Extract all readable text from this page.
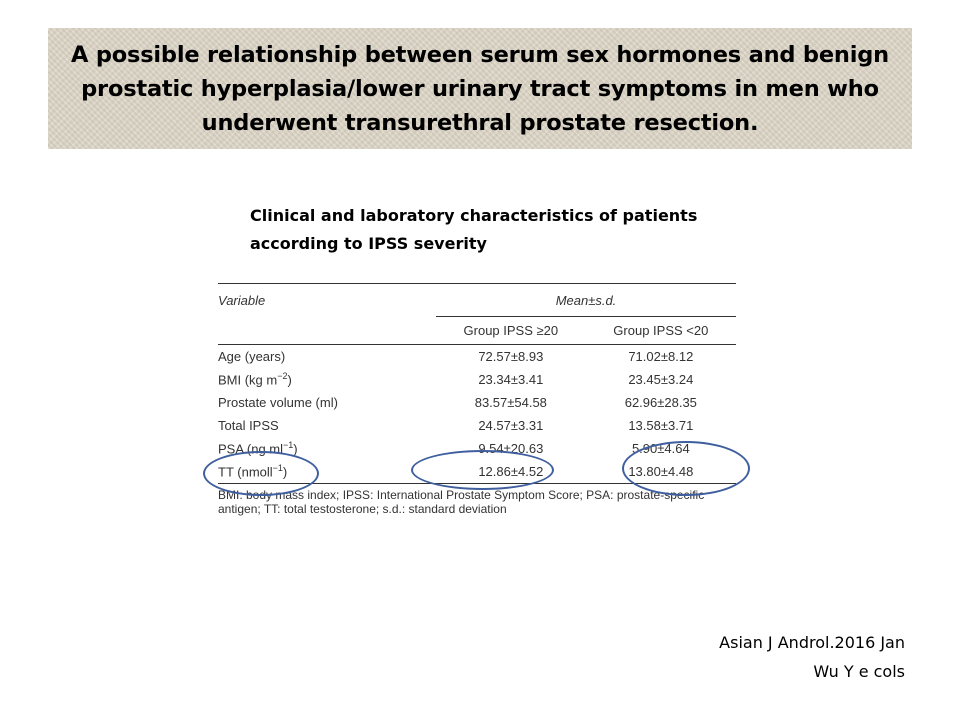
A possible relationship between serum sex hormones and benign prostatic hyperplasia/lower urinary tract symptoms in men who underwent transurethral prostate resection.

Clinical and laboratory characteristics of patients according to IPSS severity
Variable	Mean±s.d.	
	Group IPSS ≥20	Group IPSS <20
Age (years)	72.57±8.93	71.02±8.12
BMI (kg $m^{-2}$)	23.34±3.41	23.45±3.24
Prostate volume (ml)	83.57±54.58	62.96±28.35
Total IPSS	24.57±3.31	13.58±3.71
PSA (ng $ml^{-1}$)	9.54±20.63	5.90±4.64
TT (nmoll$^{-1}$)	12.86±4.52	13.80±4.48
BMI: body mass index; IPSS: International Prostate Symptom Score; PSA: prostate-specific antigen; TT: total testosterone; s.d.: standard deviation
Asian J Androl.2016 Jan
Wu Y e cols
